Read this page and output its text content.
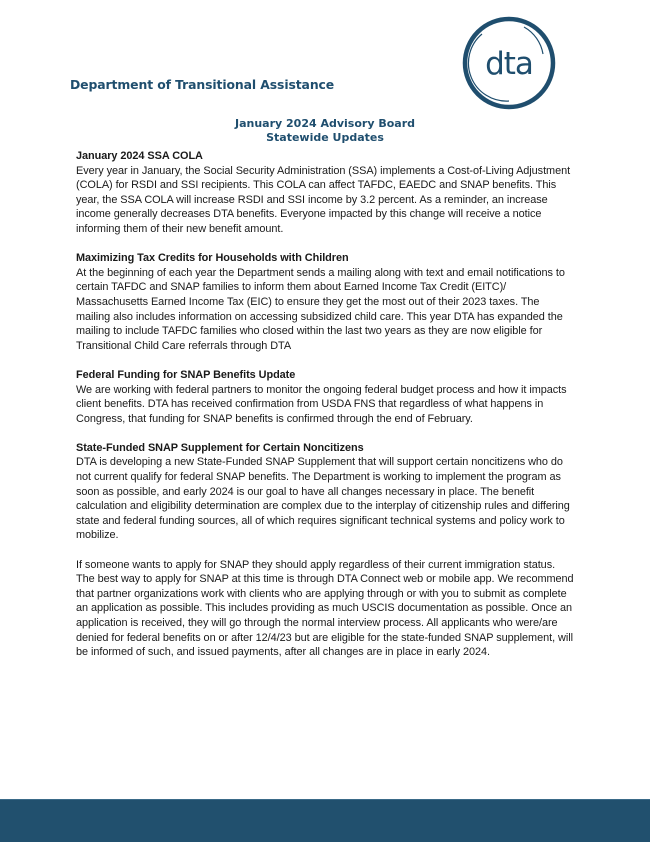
dta
Department of Transitional Assistance
January 2024 Advisory Board
Statewide Updates
January 2024 SSA COLA

Every year in January, the Social Security Administration (SSA) implements a Cost-of-Living Adjustment (COLA) for RSDI and SSI recipients. This COLA can affect TAFDC, EAEDC and SNAP benefits. This year, the SSA COLA will increase RSDI and SSI income by 3.2 percent. As a reminder, an increase income generally decreases DTA benefits. Everyone impacted by this change will receive a notice informing them of their new benefit amount.

Maximizing Tax Credits for Households with Children

At the beginning of each year the Department sends a mailing along with text and email notifications to certain TAFDC and SNAP families to inform them about Earned Income Tax Credit (EITC)/ Massachusetts Earned Income Tax (EIC) to ensure they get the most out of their 2023 taxes. The mailing also includes information on accessing subsidized child care. This year DTA has expanded the mailing to include TAFDC families who closed within the last two years as they are now eligible for Transitional Child Care referrals through DTA

Federal Funding for SNAP Benefits Update

We are working with federal partners to monitor the ongoing federal budget process and how it impacts client benefits. DTA has received confirmation from USDA FNS that regardless of what happens in Congress, that funding for SNAP benefits is confirmed through the end of February.

State-Funded SNAP Supplement for Certain Noncitizens

DTA is developing a new State-Funded SNAP Supplement that will support certain noncitizens who do not current qualify for federal SNAP benefits. The Department is working to implement the program as soon as possible, and early 2024 is our goal to have all changes necessary in place. The benefit calculation and eligibility determination are complex due to the interplay of citizenship rules and differing state and federal funding sources, all of which requires significant technical systems and policy work to mobilize.

If someone wants to apply for SNAP they should apply regardless of their current immigration status. The best way to apply for SNAP at this time is through DTA Connect web or mobile app. We recommend that partner organizations work with clients who are applying through or with you to submit as complete an application as possible. This includes providing as much USCIS documentation as possible. Once an application is received, they will go through the normal interview process. All applicants who were/are denied for federal benefits on or after 12/4/23 but are eligible for the state-funded SNAP supplement, will be informed of such, and issued payments, after all changes are in place in early 2024.
